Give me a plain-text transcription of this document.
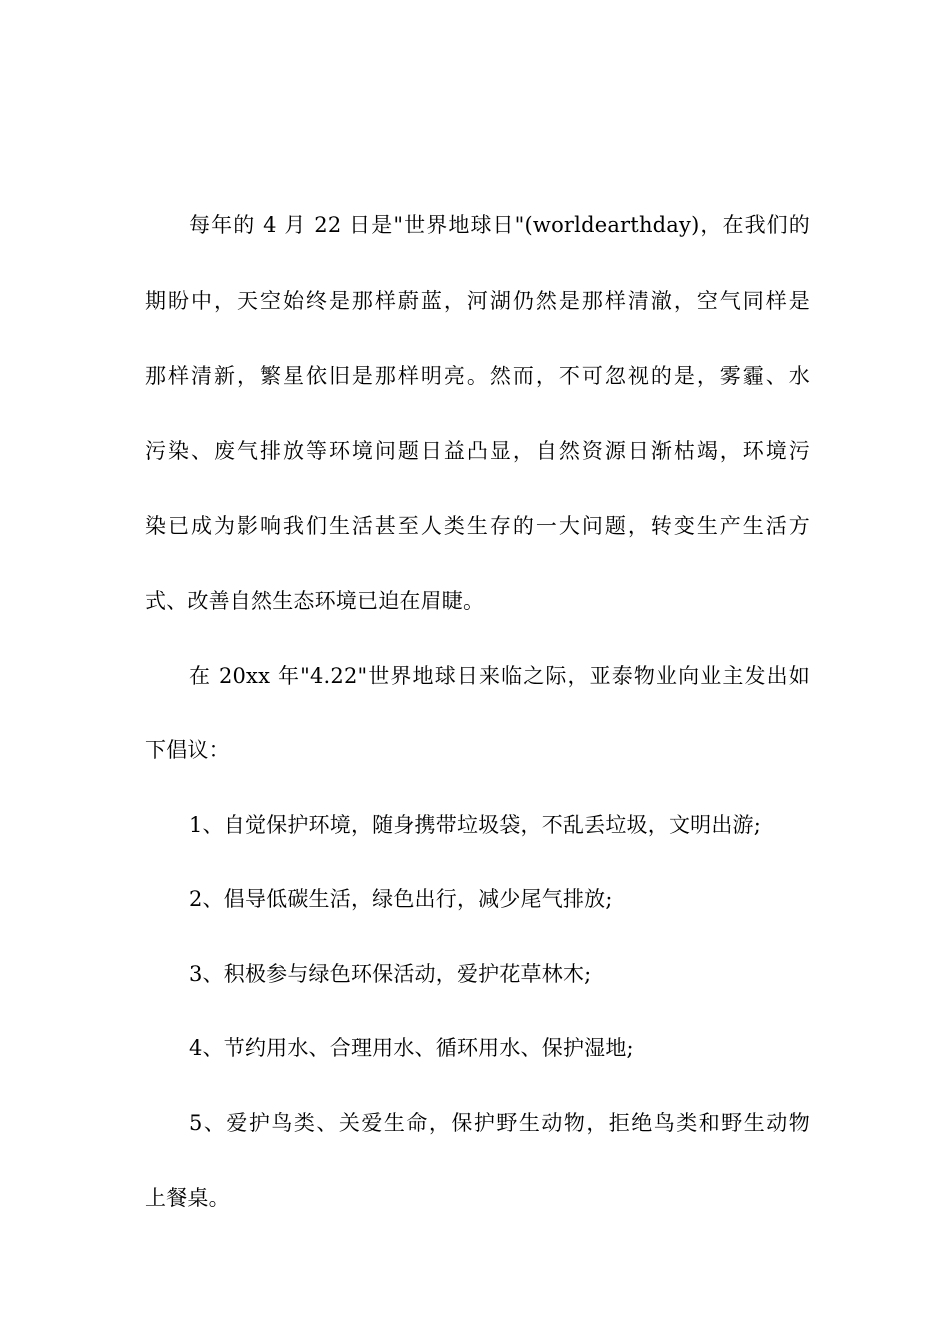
每年的 4 月 22 日是"世界地球日"(worldearthday)，在我们的
期盼中，天空始终是那样蔚蓝，河湖仍然是那样清澈，空气同样是
那样清新，繁星依旧是那样明亮。然而，不可忽视的是，雾霾、水
污染、废气排放等环境问题日益凸显，自然资源日渐枯竭，环境污
染已成为影响我们生活甚至人类生存的一大问题，转变生产生活方
式、改善自然生态环境已迫在眉睫。
在 20xx 年"4.22"世界地球日来临之际，亚泰物业向业主发出如
下倡议：
1、自觉保护环境，随身携带垃圾袋，不乱丢垃圾，文明出游;
2、倡导低碳生活，绿色出行，减少尾气排放;
3、积极参与绿色环保活动，爱护花草林木;
4、节约用水、合理用水、循环用水、保护湿地;
5、爱护鸟类、关爱生命，保护野生动物，拒绝鸟类和野生动物
上餐桌。
